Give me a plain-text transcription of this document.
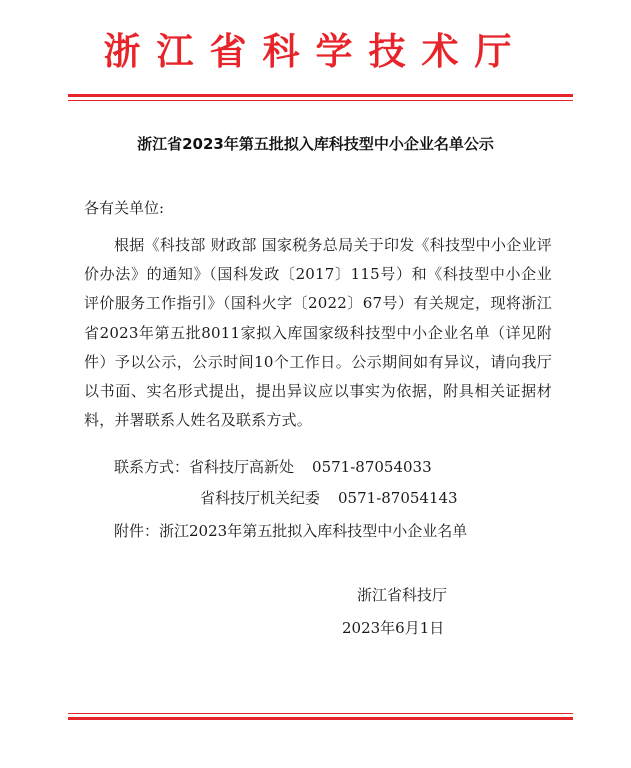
浙江省科学技术厅
浙江省2023年第五批拟入库科技型中小企业名单公示
各有关单位:

根据《科技部 财政部 国家税务总局关于印发《科技型中小企业评价办法》的通知》（国科发政〔2017〕115号）和《科技型中小企业评价服务工作指引》（国科火字〔2022〕67号）有关规定，现将浙江省2023年第五批8011家拟入库国家级科技型中小企业名单（详见附件）予以公示，公示时间10个工作日。公示期间如有异议，请向我厅以书面、实名形式提出，提出异议应以事实为依据，附具相关证据材料，并署联系人姓名及联系方式。

联系方式：省科技厅高新处 0571-87054033
省科技厅机关纪委 0571-87054143
附件：浙江2023年第五批拟入库科技型中小企业名单
浙江省科技厅
2023年6月1日
